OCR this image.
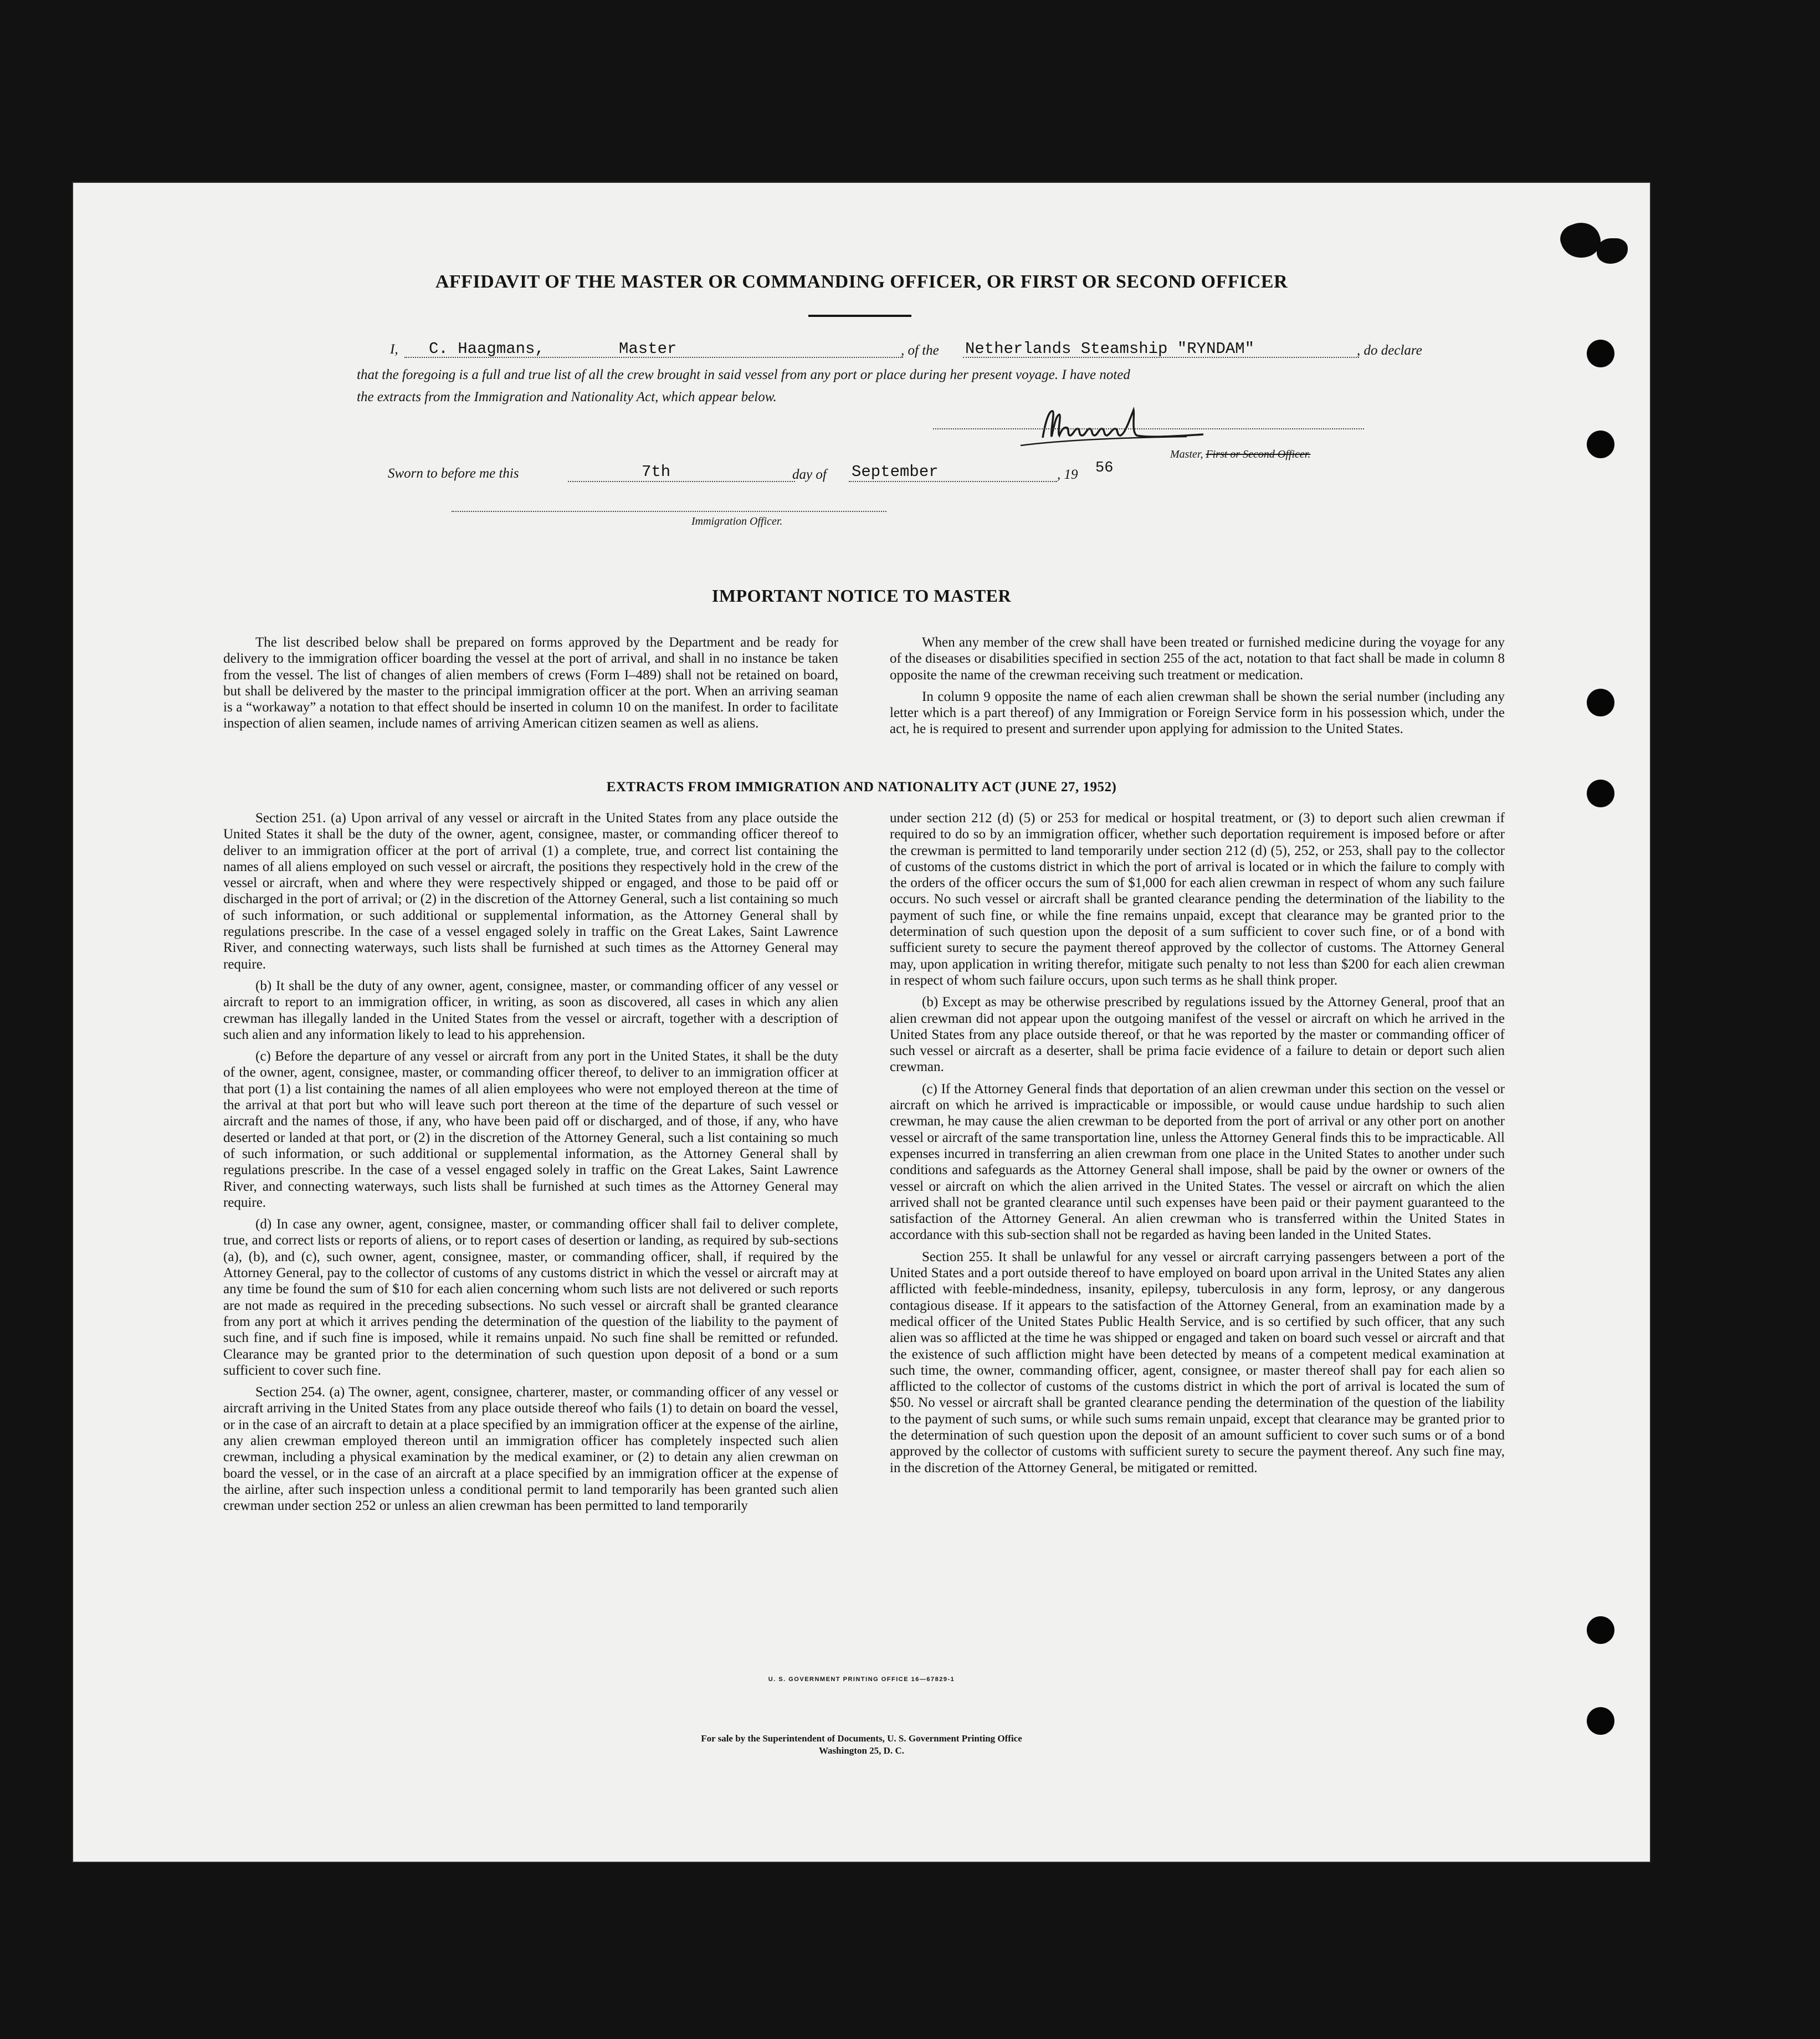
AFFIDAVIT OF THE MASTER OR COMMANDING OFFICER, OR FIRST OR SECOND OFFICER
I, C. Haagmans,	Master	, of the Netherlands Steamship "RYNDAM"	, do declare
that the foregoing is a full and true list of all the crew brought in said vessel from any port or place during her present voyage. I have noted
the extracts from the Immigration and Nationality Act, which appear below.
Master, First or Second Officer.
Sworn to before me this	7th	day of September	, 19 56
Immigration Officer.
IMPORTANT NOTICE TO MASTER

The list described below shall be prepared on forms approved by the Department and be ready for delivery to the immigration officer boarding the vessel at the port of arrival, and shall in no instance be taken from the vessel. The list of changes of alien members of crews (Form I–489) shall not be retained on board, but shall be delivered by the master to the principal immigration officer at the port. When an arriving seaman is a “workaway” a notation to that effect should be inserted in column 10 on the manifest. In order to facilitate inspection of alien seamen, include names of arriving American citizen seamen as well as aliens.

When any member of the crew shall have been treated or furnished medicine during the voyage for any of the diseases or disabilities specified in section 255 of the act, notation to that fact shall be made in column 8 opposite the name of the crewman receiving such treatment or medication.

In column 9 opposite the name of each alien crewman shall be shown the serial number (including any letter which is a part thereof) of any Immigration or Foreign Service form in his possession which, under the act, he is required to present and surrender upon applying for admission to the United States.

EXTRACTS FROM IMMIGRATION AND NATIONALITY ACT (JUNE 27, 1952)

Section 251. (a) Upon arrival of any vessel or aircraft in the United States from any place outside the United States it shall be the duty of the owner, agent, consignee, master, or commanding officer thereof to deliver to an immigration officer at the port of arrival (1) a complete, true, and correct list containing the names of all aliens employed on such vessel or aircraft, the positions they respectively hold in the crew of the vessel or aircraft, when and where they were respectively shipped or engaged, and those to be paid off or discharged in the port of arrival; or (2) in the discretion of the Attorney General, such a list containing so much of such information, or such additional or supplemental information, as the Attorney General shall by regulations prescribe. In the case of a vessel engaged solely in traffic on the Great Lakes, Saint Lawrence River, and connecting waterways, such lists shall be furnished at such times as the Attorney General may require.

(b) It shall be the duty of any owner, agent, consignee, master, or commanding officer of any vessel or aircraft to report to an immigration officer, in writing, as soon as discovered, all cases in which any alien crewman has illegally landed in the United States from the vessel or aircraft, together with a description of such alien and any information likely to lead to his apprehension.

(c) Before the departure of any vessel or aircraft from any port in the United States, it shall be the duty of the owner, agent, consignee, master, or commanding officer thereof, to deliver to an immigration officer at that port (1) a list containing the names of all alien employees who were not employed thereon at the time of the arrival at that port but who will leave such port thereon at the time of the departure of such vessel or aircraft and the names of those, if any, who have been paid off or discharged, and of those, if any, who have deserted or landed at that port, or (2) in the discretion of the Attorney General, such a list containing so much of such information, or such additional or supplemental information, as the Attorney General shall by regulations prescribe. In the case of a vessel engaged solely in traffic on the Great Lakes, Saint Lawrence River, and connecting waterways, such lists shall be furnished at such times as the Attorney General may require.

(d) In case any owner, agent, consignee, master, or commanding officer shall fail to deliver complete, true, and correct lists or reports of aliens, or to report cases of desertion or landing, as required by sub-sections (a), (b), and (c), such owner, agent, consignee, master, or commanding officer, shall, if required by the Attorney General, pay to the collector of customs of any customs district in which the vessel or aircraft may at any time be found the sum of $10 for each alien concerning whom such lists are not delivered or such reports are not made as required in the preceding subsections. No such vessel or aircraft shall be granted clearance from any port at which it arrives pending the determination of the question of the liability to the payment of such fine, and if such fine is imposed, while it remains unpaid. No such fine shall be remitted or refunded. Clearance may be granted prior to the determination of such question upon deposit of a bond or a sum sufficient to cover such fine.

Section 254. (a) The owner, agent, consignee, charterer, master, or commanding officer of any vessel or aircraft arriving in the United States from any place outside thereof who fails (1) to detain on board the vessel, or in the case of an aircraft to detain at a place specified by an immigration officer at the expense of the airline, any alien crewman employed thereon until an immigration officer has completely inspected such alien crewman, including a physical examination by the medical examiner, or (2) to detain any alien crewman on board the vessel, or in the case of an aircraft at a place specified by an immigration officer at the expense of the airline, after such inspection unless a conditional permit to land temporarily has been granted such alien crewman under section 252 or unless an alien crewman has been permitted to land temporarily

under section 212 (d) (5) or 253 for medical or hospital treatment, or (3) to deport such alien crewman if required to do so by an immigration officer, whether such deportation requirement is imposed before or after the crewman is permitted to land temporarily under section 212 (d) (5), 252, or 253, shall pay to the collector of customs of the customs district in which the port of arrival is located or in which the failure to comply with the orders of the officer occurs the sum of $1,000 for each alien crewman in respect of whom any such failure occurs. No such vessel or aircraft shall be granted clearance pending the determination of the liability to the payment of such fine, or while the fine remains unpaid, except that clearance may be granted prior to the determination of such question upon the deposit of a sum sufficient to cover such fine, or of a bond with sufficient surety to secure the payment thereof approved by the collector of customs. The Attorney General may, upon application in writing therefor, mitigate such penalty to not less than $200 for each alien crewman in respect of whom such failure occurs, upon such terms as he shall think proper.

(b) Except as may be otherwise prescribed by regulations issued by the Attorney General, proof that an alien crewman did not appear upon the outgoing manifest of the vessel or aircraft on which he arrived in the United States from any place outside thereof, or that he was reported by the master or commanding officer of such vessel or aircraft as a deserter, shall be prima facie evidence of a failure to detain or deport such alien crewman.

(c) If the Attorney General finds that deportation of an alien crewman under this section on the vessel or aircraft on which he arrived is impracticable or impossible, or would cause undue hardship to such alien crewman, he may cause the alien crewman to be deported from the port of arrival or any other port on another vessel or aircraft of the same transportation line, unless the Attorney General finds this to be impracticable. All expenses incurred in transferring an alien crewman from one place in the United States to another under such conditions and safeguards as the Attorney General shall impose, shall be paid by the owner or owners of the vessel or aircraft on which the alien arrived in the United States. The vessel or aircraft on which the alien arrived shall not be granted clearance until such expenses have been paid or their payment guaranteed to the satisfaction of the Attorney General. An alien crewman who is transferred within the United States in accordance with this sub-section shall not be regarded as having been landed in the United States.

Section 255. It shall be unlawful for any vessel or aircraft carrying passengers between a port of the United States and a port outside thereof to have employed on board upon arrival in the United States any alien afflicted with feeble-mindedness, insanity, epilepsy, tuberculosis in any form, leprosy, or any dangerous contagious disease. If it appears to the satisfaction of the Attorney General, from an examination made by a medical officer of the United States Public Health Service, and is so certified by such officer, that any such alien was so afflicted at the time he was shipped or engaged and taken on board such vessel or aircraft and that the existence of such affliction might have been detected by means of a competent medical examination at such time, the owner, commanding officer, agent, consignee, or master thereof shall pay for each alien so afflicted to the collector of customs of the customs district in which the port of arrival is located the sum of $50. No vessel or aircraft shall be granted clearance pending the determination of the question of the liability to the payment of such sums, or while such sums remain unpaid, except that clearance may be granted prior to the determination of such question upon the deposit of an amount sufficient to cover such sums or of a bond approved by the collector of customs with sufficient surety to secure the payment thereof. Any such fine may, in the discretion of the Attorney General, be mitigated or remitted.

U. S. GOVERNMENT PRINTING OFFICE 16—67829-1
For sale by the Superintendent of Documents, U. S. Government Printing Office
Washington 25, D. C.
